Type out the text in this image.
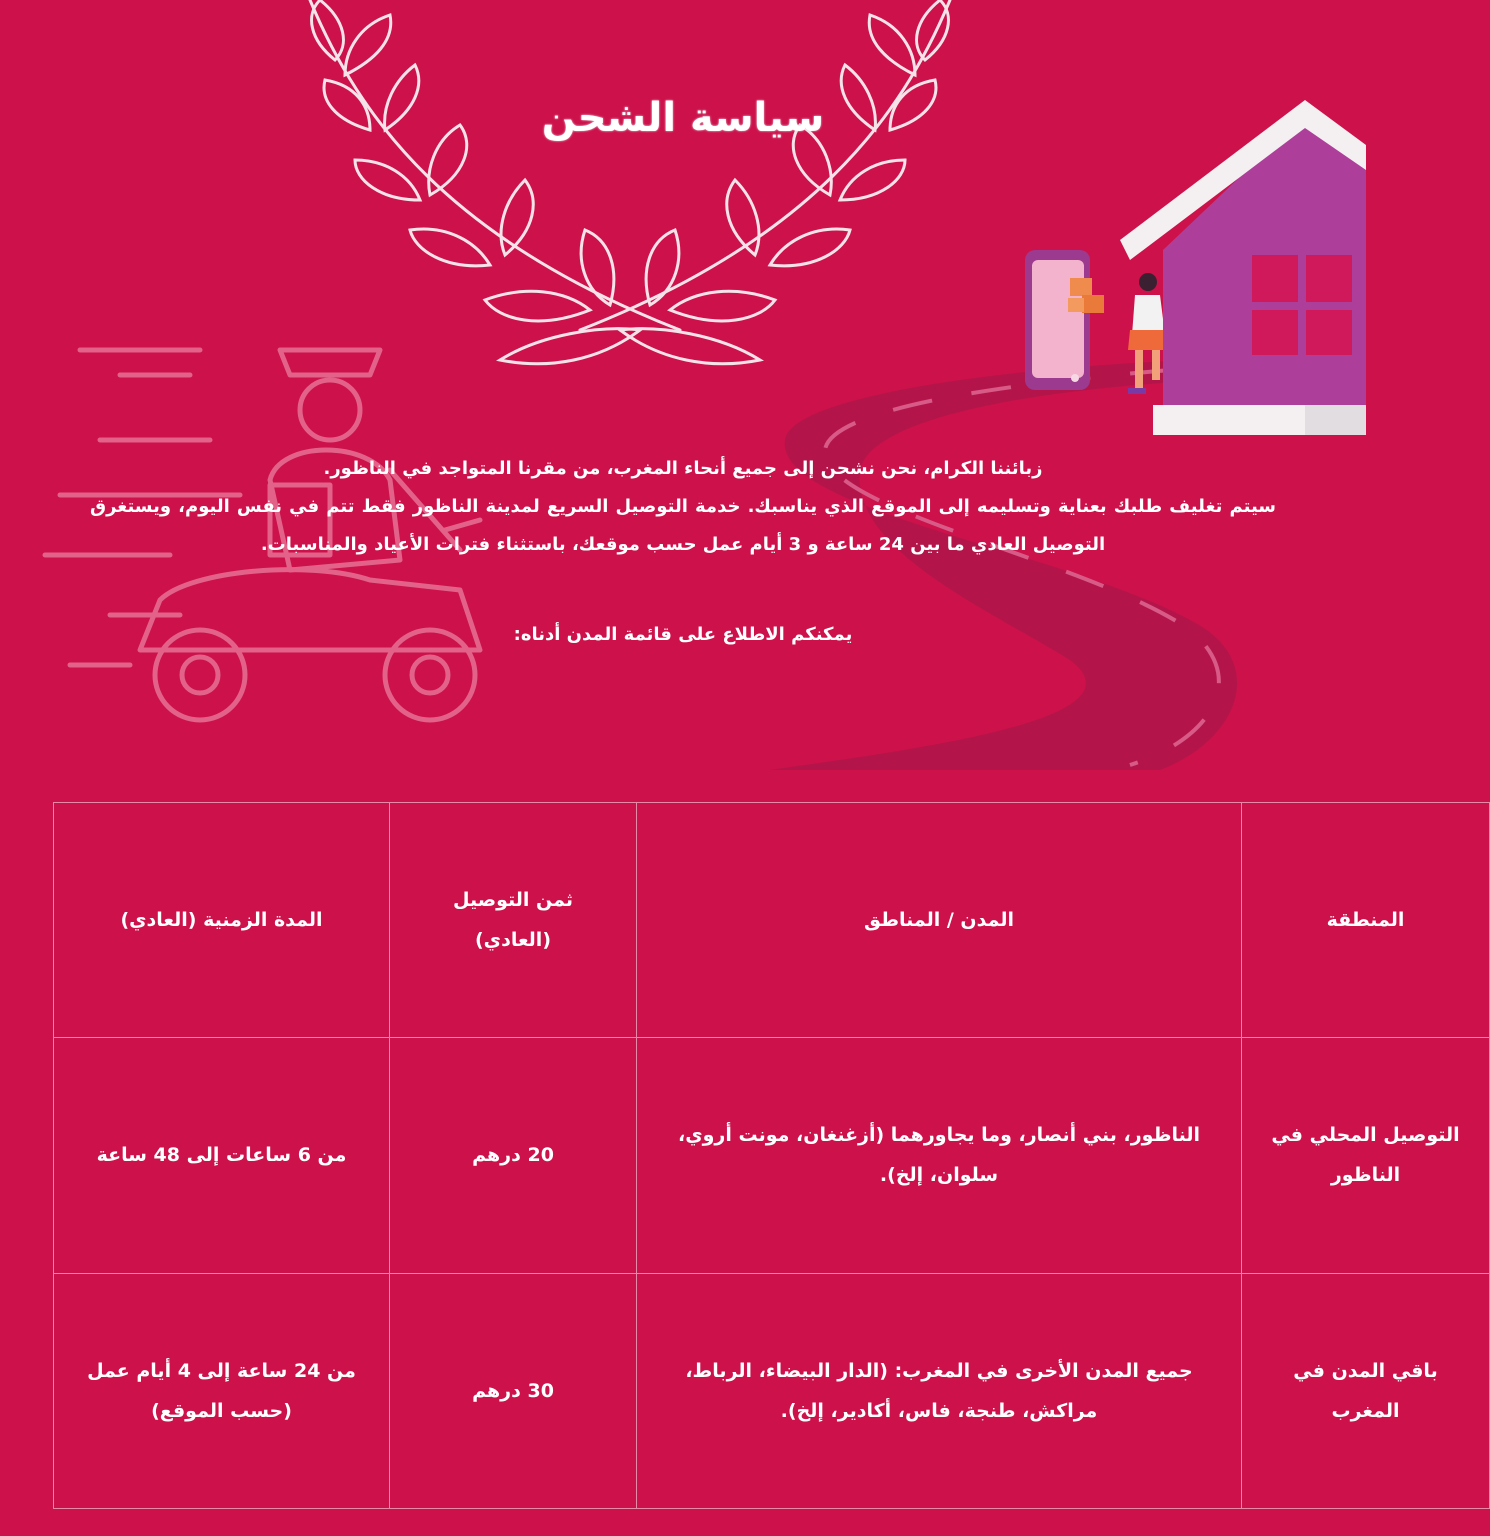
سياسة الشحن

زبائننا الكرام، نحن نشحن إلى جميع أنحاء المغرب، من مقرنا المتواجد في الناظور.

سيتم تغليف طلبك بعناية وتسليمه إلى الموقع الذي يناسبك. خدمة التوصيل السريع لمدينة الناظور فقط تتم في نفس اليوم، ويستغرق التوصيل العادي ما بين 24 ساعة و 3 أيام عمل حسب موقعك، باستثناء فترات الأعياد والمناسبات.

يمكنكم الاطلاع على قائمة المدن أدناه:

المنطقة	المدن / المناطق	ثمن التوصيل (العادي)	المدة الزمنية (العادي)
التوصيل المحلي في الناظور	الناظور، بني أنصار، وما يجاورهما (أزغنغان، مونت أروي، سلوان، إلخ).	20 درهم	من 6 ساعات إلى 48 ساعة
باقي المدن في المغرب	جميع المدن الأخرى في المغرب: (الدار البيضاء، الرباط، مراكش، طنجة، فاس، أكادير، إلخ).	30 درهم	من 24 ساعة إلى 4 أيام عمل (حسب الموقع)
